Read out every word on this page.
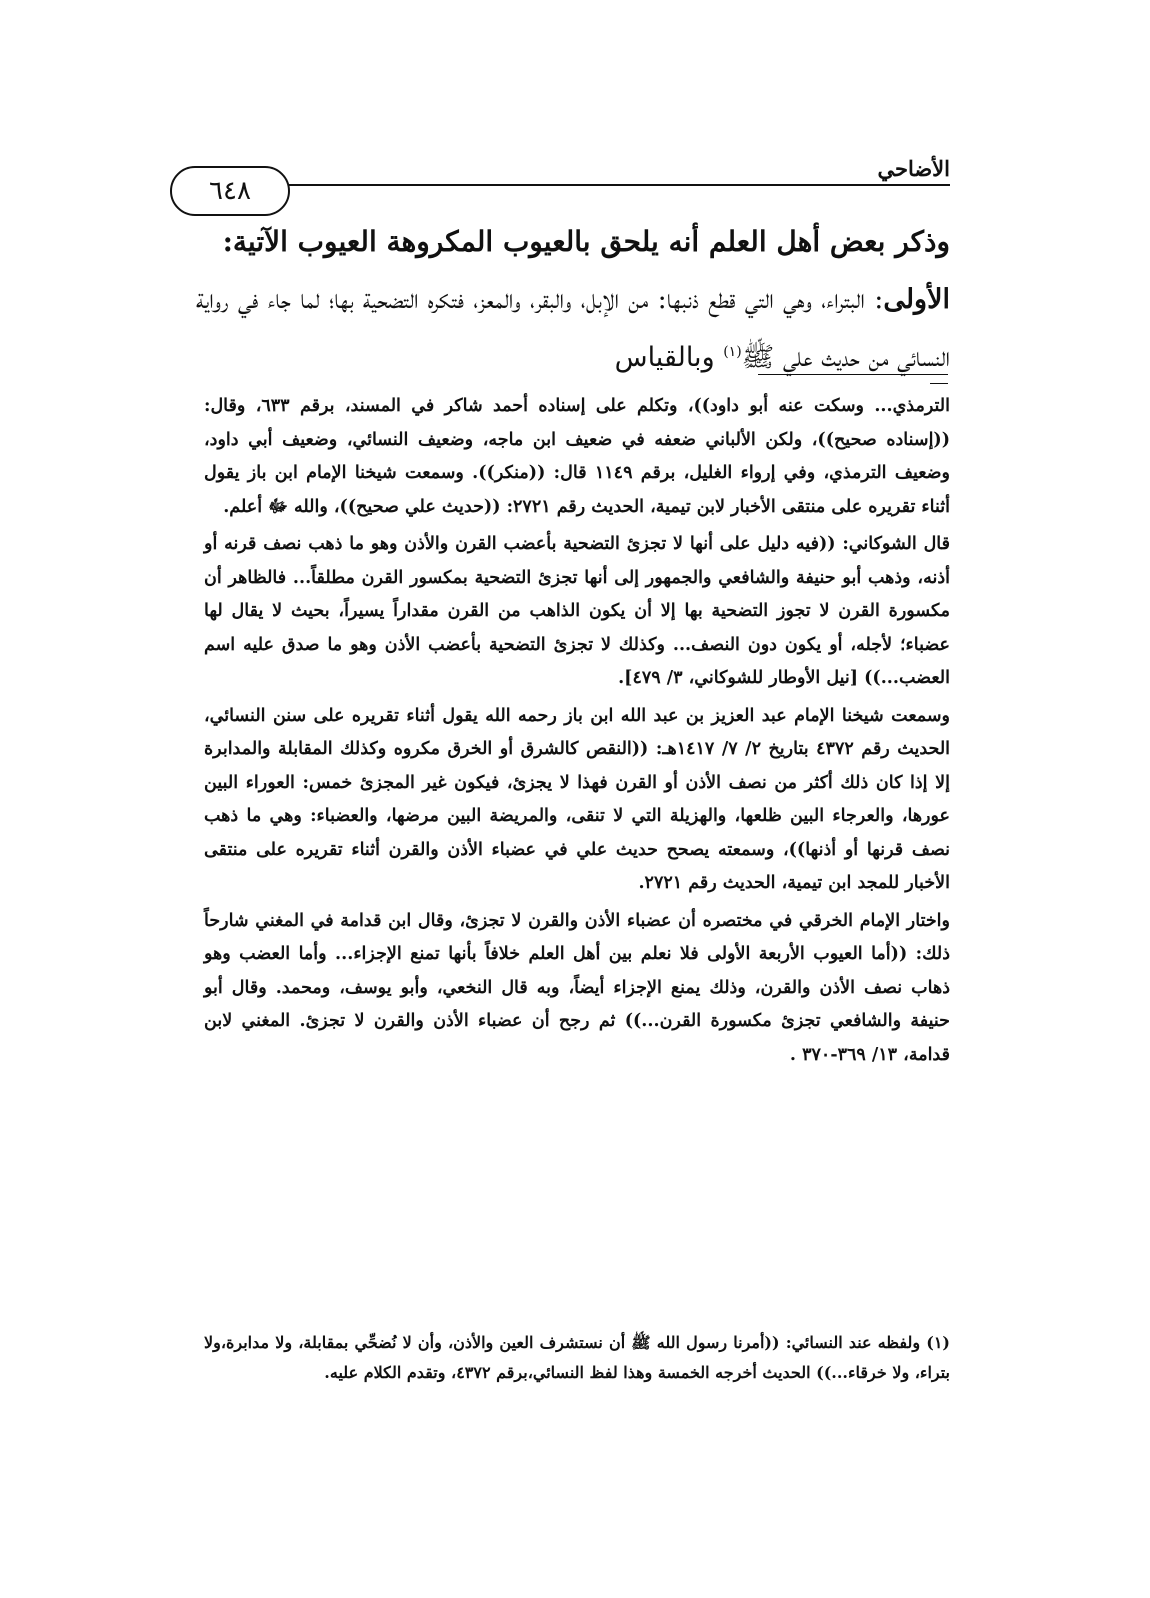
الأضاحي
٦٤٨

وذكر بعض أهل العلم أنه يلحق بالعيوب المكروهة العيوب الآتية:

الأولى: البتراء، وهي التي قطع ذنبها: من الإبل، والبقر، والمعز، فتكره التضحية بها؛ لما جاء في رواية النسائي من حديث علي ﷺ$^{(١)}$ وبالقياس

الترمذي... وسكت عنه أبو داود))، وتكلم على إسناده أحمد شاكر في المسند، برقم ٦٣٣، وقال: ((إسناده صحيح))، ولكن الألباني ضعفه في ضعيف ابن ماجه، وضعيف النسائي، وضعيف أبي داود، وضعيف الترمذي، وفي إرواء الغليل، برقم ١١٤٩ قال: ((منكر)). وسمعت شيخنا الإمام ابن باز يقول أثناء تقريره على منتقى الأخبار لابن تيمية، الحديث رقم ٢٧٢١: ((حديث علي صحيح))، والله ﷻ أعلم.

قال الشوكاني: ((فيه دليل على أنها لا تجزئ التضحية بأعضب القرن والأذن وهو ما ذهب نصف قرنه أو أذنه، وذهب أبو حنيفة والشافعي والجمهور إلى أنها تجزئ التضحية بمكسور القرن مطلقاً... فالظاهر أن مكسورة القرن لا تجوز التضحية بها إلا أن يكون الذاهب من القرن مقداراً يسيراً، بحيث لا يقال لها عضباء؛ لأجله، أو يكون دون النصف... وكذلك لا تجزئ التضحية بأعضب الأذن وهو ما صدق عليه اسم العضب...)) [نيل الأوطار للشوكاني، ٣/ ٤٧٩].

وسمعت شيخنا الإمام عبد العزيز بن عبد الله ابن باز رحمه الله يقول أثناء تقريره على سنن النسائي، الحديث رقم ٤٣٧٢ بتاريخ ٢/ ٧/ ١٤١٧هـ: ((النقص كالشرق أو الخرق مكروه وكذلك المقابلة والمدابرة إلا إذا كان ذلك أكثر من نصف الأذن أو القرن فهذا لا يجزئ، فيكون غير المجزئ خمس: العوراء البين عورها، والعرجاء البين ظلعها، والهزيلة التي لا تنقى، والمريضة البين مرضها، والعضباء: وهي ما ذهب نصف قرنها أو أذنها))، وسمعته يصحح حديث علي في عضباء الأذن والقرن أثناء تقريره على منتقى الأخبار للمجد ابن تيمية، الحديث رقم ٢٧٢١.

واختار الإمام الخرقي في مختصره أن عضباء الأذن والقرن لا تجزئ، وقال ابن قدامة في المغني شارحاً ذلك: ((أما العيوب الأربعة الأولى فلا نعلم بين أهل العلم خلافاً بأنها تمنع الإجزاء... وأما العضب وهو ذهاب نصف الأذن والقرن، وذلك يمنع الإجزاء أيضاً، وبه قال النخعي، وأبو يوسف، ومحمد. وقال أبو حنيفة والشافعي تجزئ مكسورة القرن...)) ثم رجح أن عضباء الأذن والقرن لا تجزئ. المغني لابن قدامة، ١٣/ ٣٦٩-٣٧٠ .

(١) ولفظه عند النسائي: ((أمرنا رسول الله ﷺ أن نستشرف العين والأذن، وأن لا نُضحِّي بمقابلة، ولا مدابرة،ولا بتراء، ولا خرقاء...)) الحديث أخرجه الخمسة وهذا لفظ النسائي،برقم ٤٣٧٢، وتقدم الكلام عليه.
